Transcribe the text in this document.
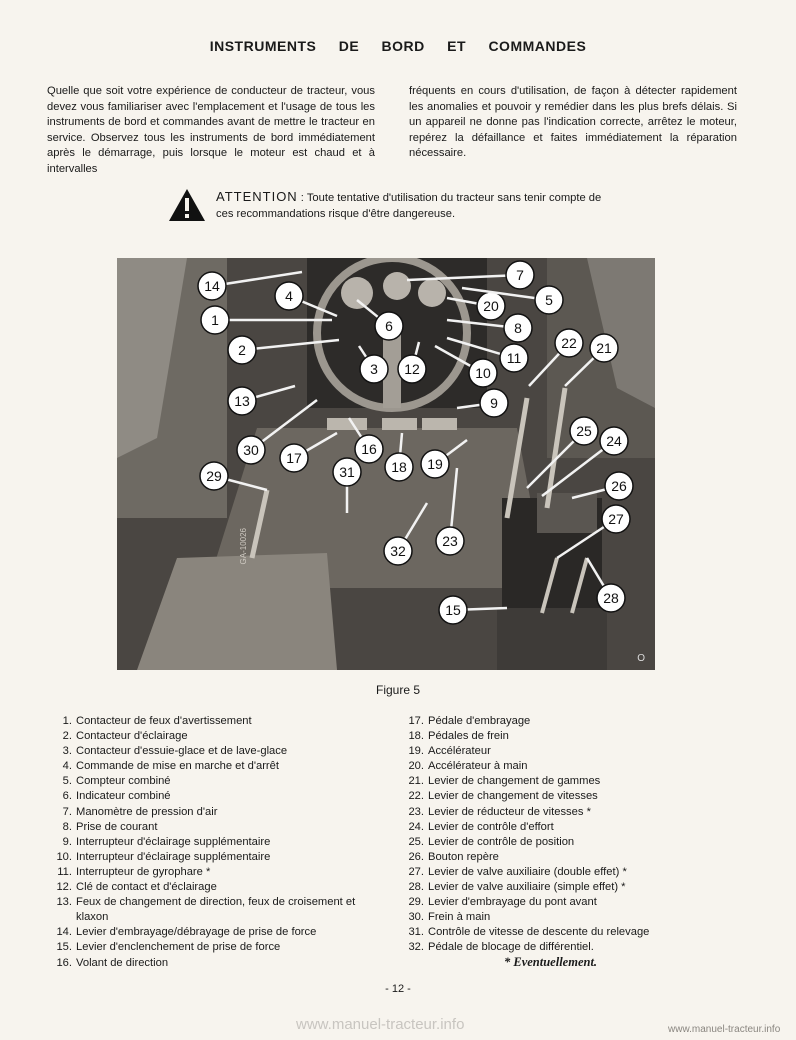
INSTRUMENTS DE BORD ET COMMANDES
Quelle que soit votre expérience de conducteur de tracteur, vous devez vous familiariser avec l'emplacement et l'usage de tous les instruments de bord et commandes avant de mettre le tracteur en service. Observez tous les instruments de bord immédiatement après le démarrage, puis lorsque le moteur est chaud et à intervalles
fréquents en cours d'utilisation, de façon à détecter rapidement les anomalies et pouvoir y remédier dans les plus brefs délais. Si un appareil ne donne pas l'indication correcte, arrêtez le moteur, repérez la défaillance et faites immédiatement la réparation nécessaire.
ATTENTION : Toute tentative d'utilisation du tracteur sans tenir compte de ces recommandations risque d'être dangereuse.
14
4
1
2
6
3 12
7
20	5
8
11
10
9
22 21
13
30 17
16
18 19
31
25
24
29
26
27
32
23
28
15
GA-10026
O
Figure 5
1. Contacteur de feux d'avertissement
2. Contacteur d'éclairage
3. Contacteur d'essuie-glace et de lave-glace
4. Commande de mise en marche et d'arrêt
5. Compteur combiné
6. Indicateur combiné
7. Manomètre de pression d'air
8. Prise de courant
9. Interrupteur d'éclairage supplémentaire
10. Interrupteur d'éclairage supplémentaire
11. Interrupteur de gyrophare *
12. Clé de contact et d'éclairage
13. Feux de changement de direction, feux de croisement et klaxon
14. Levier d'embrayage/débrayage de prise de force
15. Levier d'enclenchement de prise de force
16. Volant de direction
17. Pédale d'embrayage
18. Pédales de frein
19. Accélérateur
20. Accélérateur à main
21. Levier de changement de gammes
22. Levier de changement de vitesses
23. Levier de réducteur de vitesses *
24. Levier de contrôle d'effort
25. Levier de contrôle de position
26. Bouton repère
27. Levier de valve auxiliaire (double effet) *
28. Levier de valve auxiliaire (simple effet) *
29. Levier d'embrayage du pont avant
30. Frein à main
31. Contrôle de vitesse de descente du relevage
32. Pédale de blocage de différentiel.
* Eventuellement.
- 12 -
www.manuel-tracteur.info	www.manuel-tracteur.info
